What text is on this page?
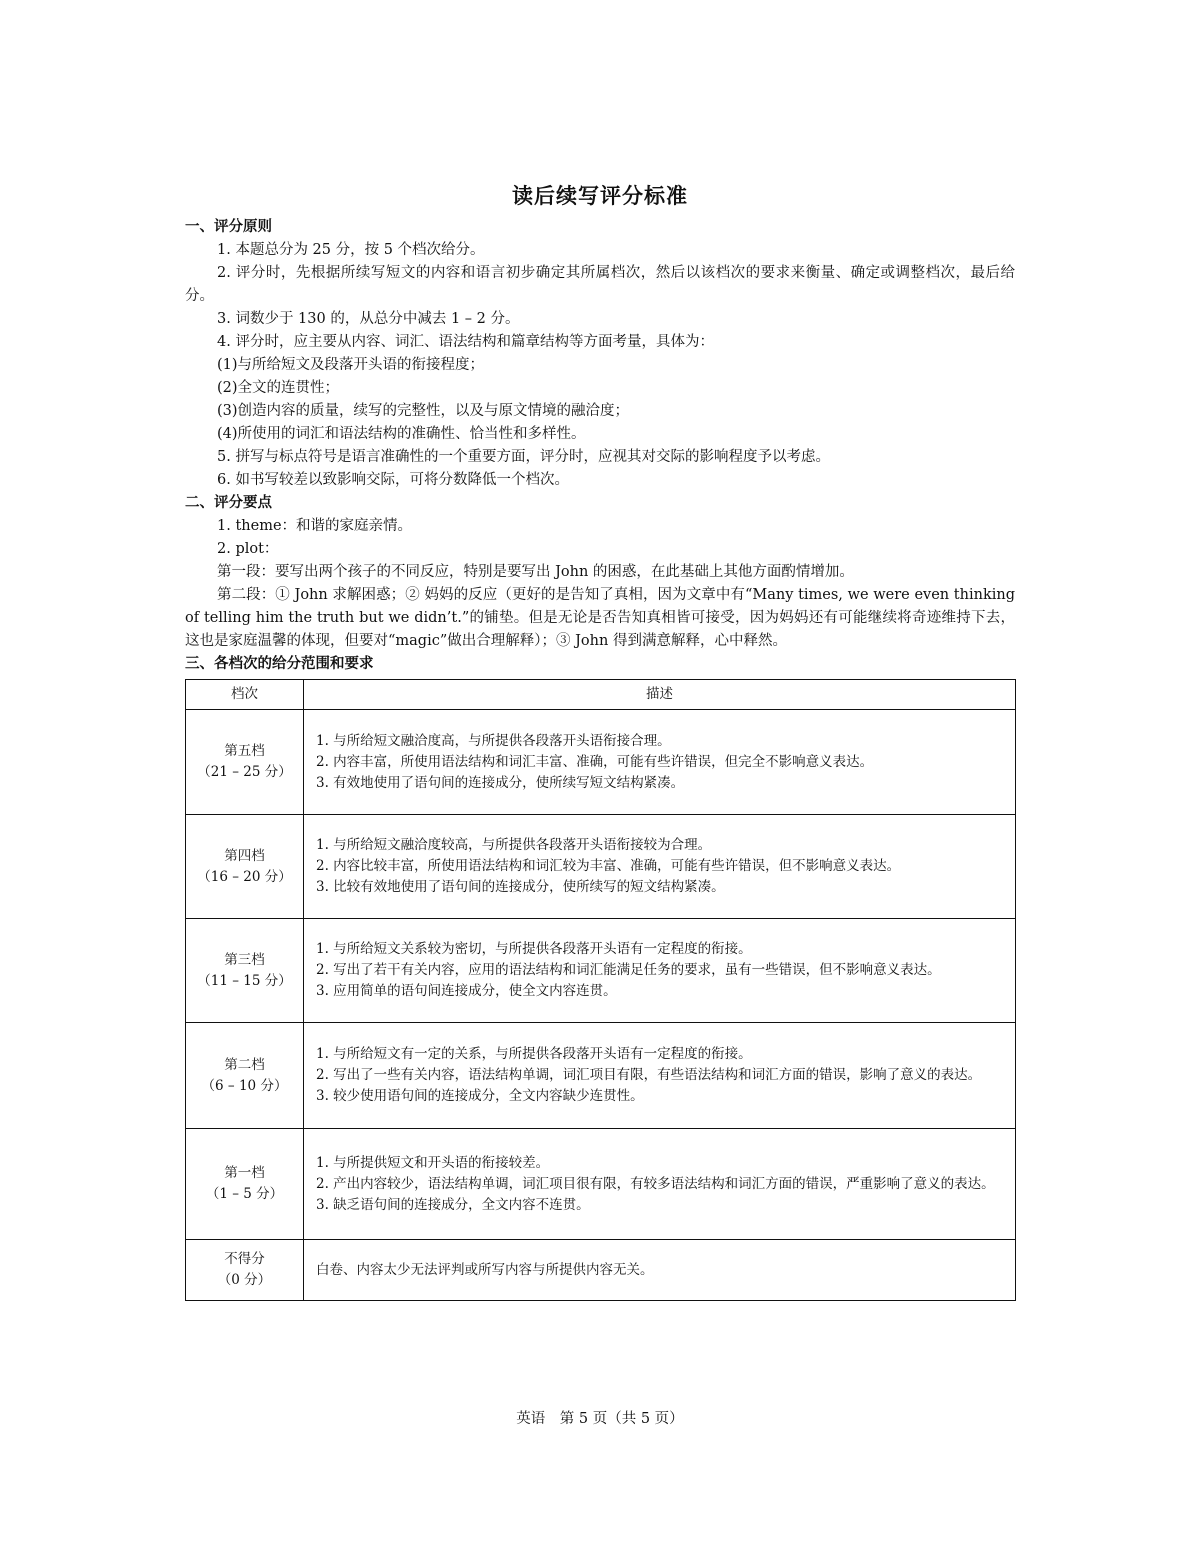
读后续写评分标准

一、评分原则

1. 本题总分为 25 分，按 5 个档次给分。

2. 评分时，先根据所续写短文的内容和语言初步确定其所属档次，然后以该档次的要求来衡量、确定或调整档次，最后给分。

3. 词数少于 130 的，从总分中减去 1 – 2 分。

4. 评分时，应主要从内容、词汇、语法结构和篇章结构等方面考量，具体为：

(1)与所给短文及段落开头语的衔接程度；

(2)全文的连贯性；

(3)创造内容的质量，续写的完整性，以及与原文情境的融洽度；

(4)所使用的词汇和语法结构的准确性、恰当性和多样性。

5. 拼写与标点符号是语言准确性的一个重要方面，评分时，应视其对交际的影响程度予以考虑。

6. 如书写较差以致影响交际，可将分数降低一个档次。

二、评分要点

1. theme：和谐的家庭亲情。

2. plot：

第一段：要写出两个孩子的不同反应，特别是要写出 John 的困惑，在此基础上其他方面酌情增加。

第二段：① John 求解困惑；② 妈妈的反应（更好的是告知了真相，因为文章中有“Many times, we were even thinking of telling him the truth but we didn’t.”的铺垫。但是无论是否告知真相皆可接受，因为妈妈还有可能继续将奇迹维持下去，这也是家庭温馨的体现，但要对“magic”做出合理解释）；③ John 得到满意解释，心中释然。

三、各档次的给分范围和要求

档次	描述

第五档
（21 – 25 分）	1. 与所给短文融洽度高，与所提供各段落开头语衔接合理。
2. 内容丰富，所使用语法结构和词汇丰富、准确，可能有些许错误，但完全不影响意义表达。
3. 有效地使用了语句间的连接成分，使所续写短文结构紧凑。

第四档
（16 – 20 分）	1. 与所给短文融洽度较高，与所提供各段落开头语衔接较为合理。
2. 内容比较丰富，所使用语法结构和词汇较为丰富、准确，可能有些许错误，但不影响意义表达。
3. 比较有效地使用了语句间的连接成分，使所续写的短文结构紧凑。

第三档
（11 – 15 分）	1. 与所给短文关系较为密切，与所提供各段落开头语有一定程度的衔接。
2. 写出了若干有关内容，应用的语法结构和词汇能满足任务的要求，虽有一些错误，但不影响意义表达。
3. 应用简单的语句间连接成分，使全文内容连贯。

第二档
（6 – 10 分）	1. 与所给短文有一定的关系，与所提供各段落开头语有一定程度的衔接。
2. 写出了一些有关内容，语法结构单调，词汇项目有限，有些语法结构和词汇方面的错误，影响了意义的表达。
3. 较少使用语句间的连接成分，全文内容缺少连贯性。

第一档
（1 – 5 分）	1. 与所提供短文和开头语的衔接较差。
2. 产出内容较少，语法结构单调，词汇项目很有限，有较多语法结构和词汇方面的错误，严重影响了意义的表达。
3. 缺乏语句间的连接成分，全文内容不连贯。

不得分
（0 分）	白卷、内容太少无法评判或所写内容与所提供内容无关。
英语　第 5 页（共 5 页）
